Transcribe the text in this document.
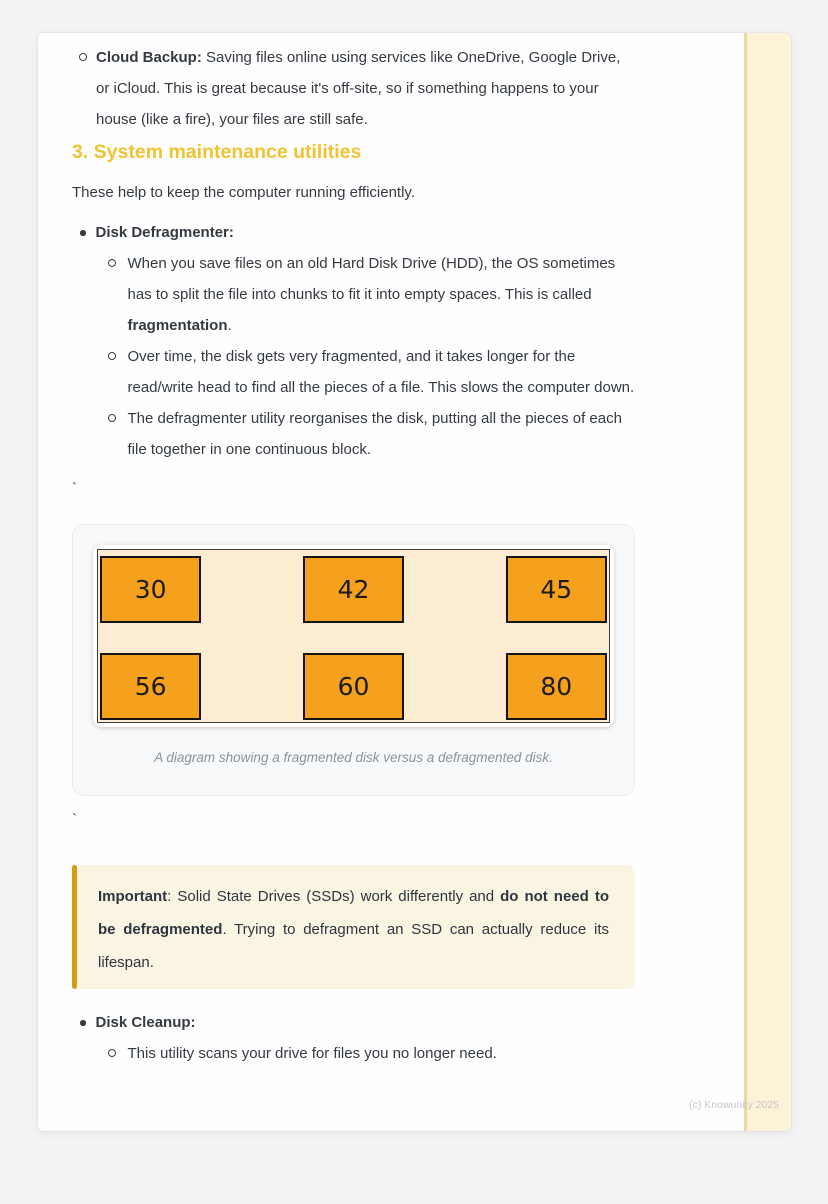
Cloud Backup: Saving files online using services like OneDrive, Google Drive, or iCloud. This is great because it's off-site, so if something happens to your house (like a fire), your files are still safe.

3. System maintenance utilities

These help to keep the computer running efficiently.

Disk Defragmenter:

When you save files on an old Hard Disk Drive (HDD), the OS sometimes has to split the file into chunks to fit it into empty spaces. This is called fragmentation.

Over time, the disk gets very fragmented, and it takes longer for the read/write head to find all the pieces of a file. This slows the computer down.

The defragmenter utility reorganises the disk, putting all the pieces of each file together in one continuous block.

`

30	42	45
56	60	80
A diagram showing a fragmented disk versus a defragmented disk.

`

Important: Solid State Drives (SSDs) work differently and do not need to be defragmented. Trying to defragment an SSD can actually reduce its lifespan.

Disk Cleanup:

This utility scans your drive for files you no longer need.

(c) Knowunity 2025
